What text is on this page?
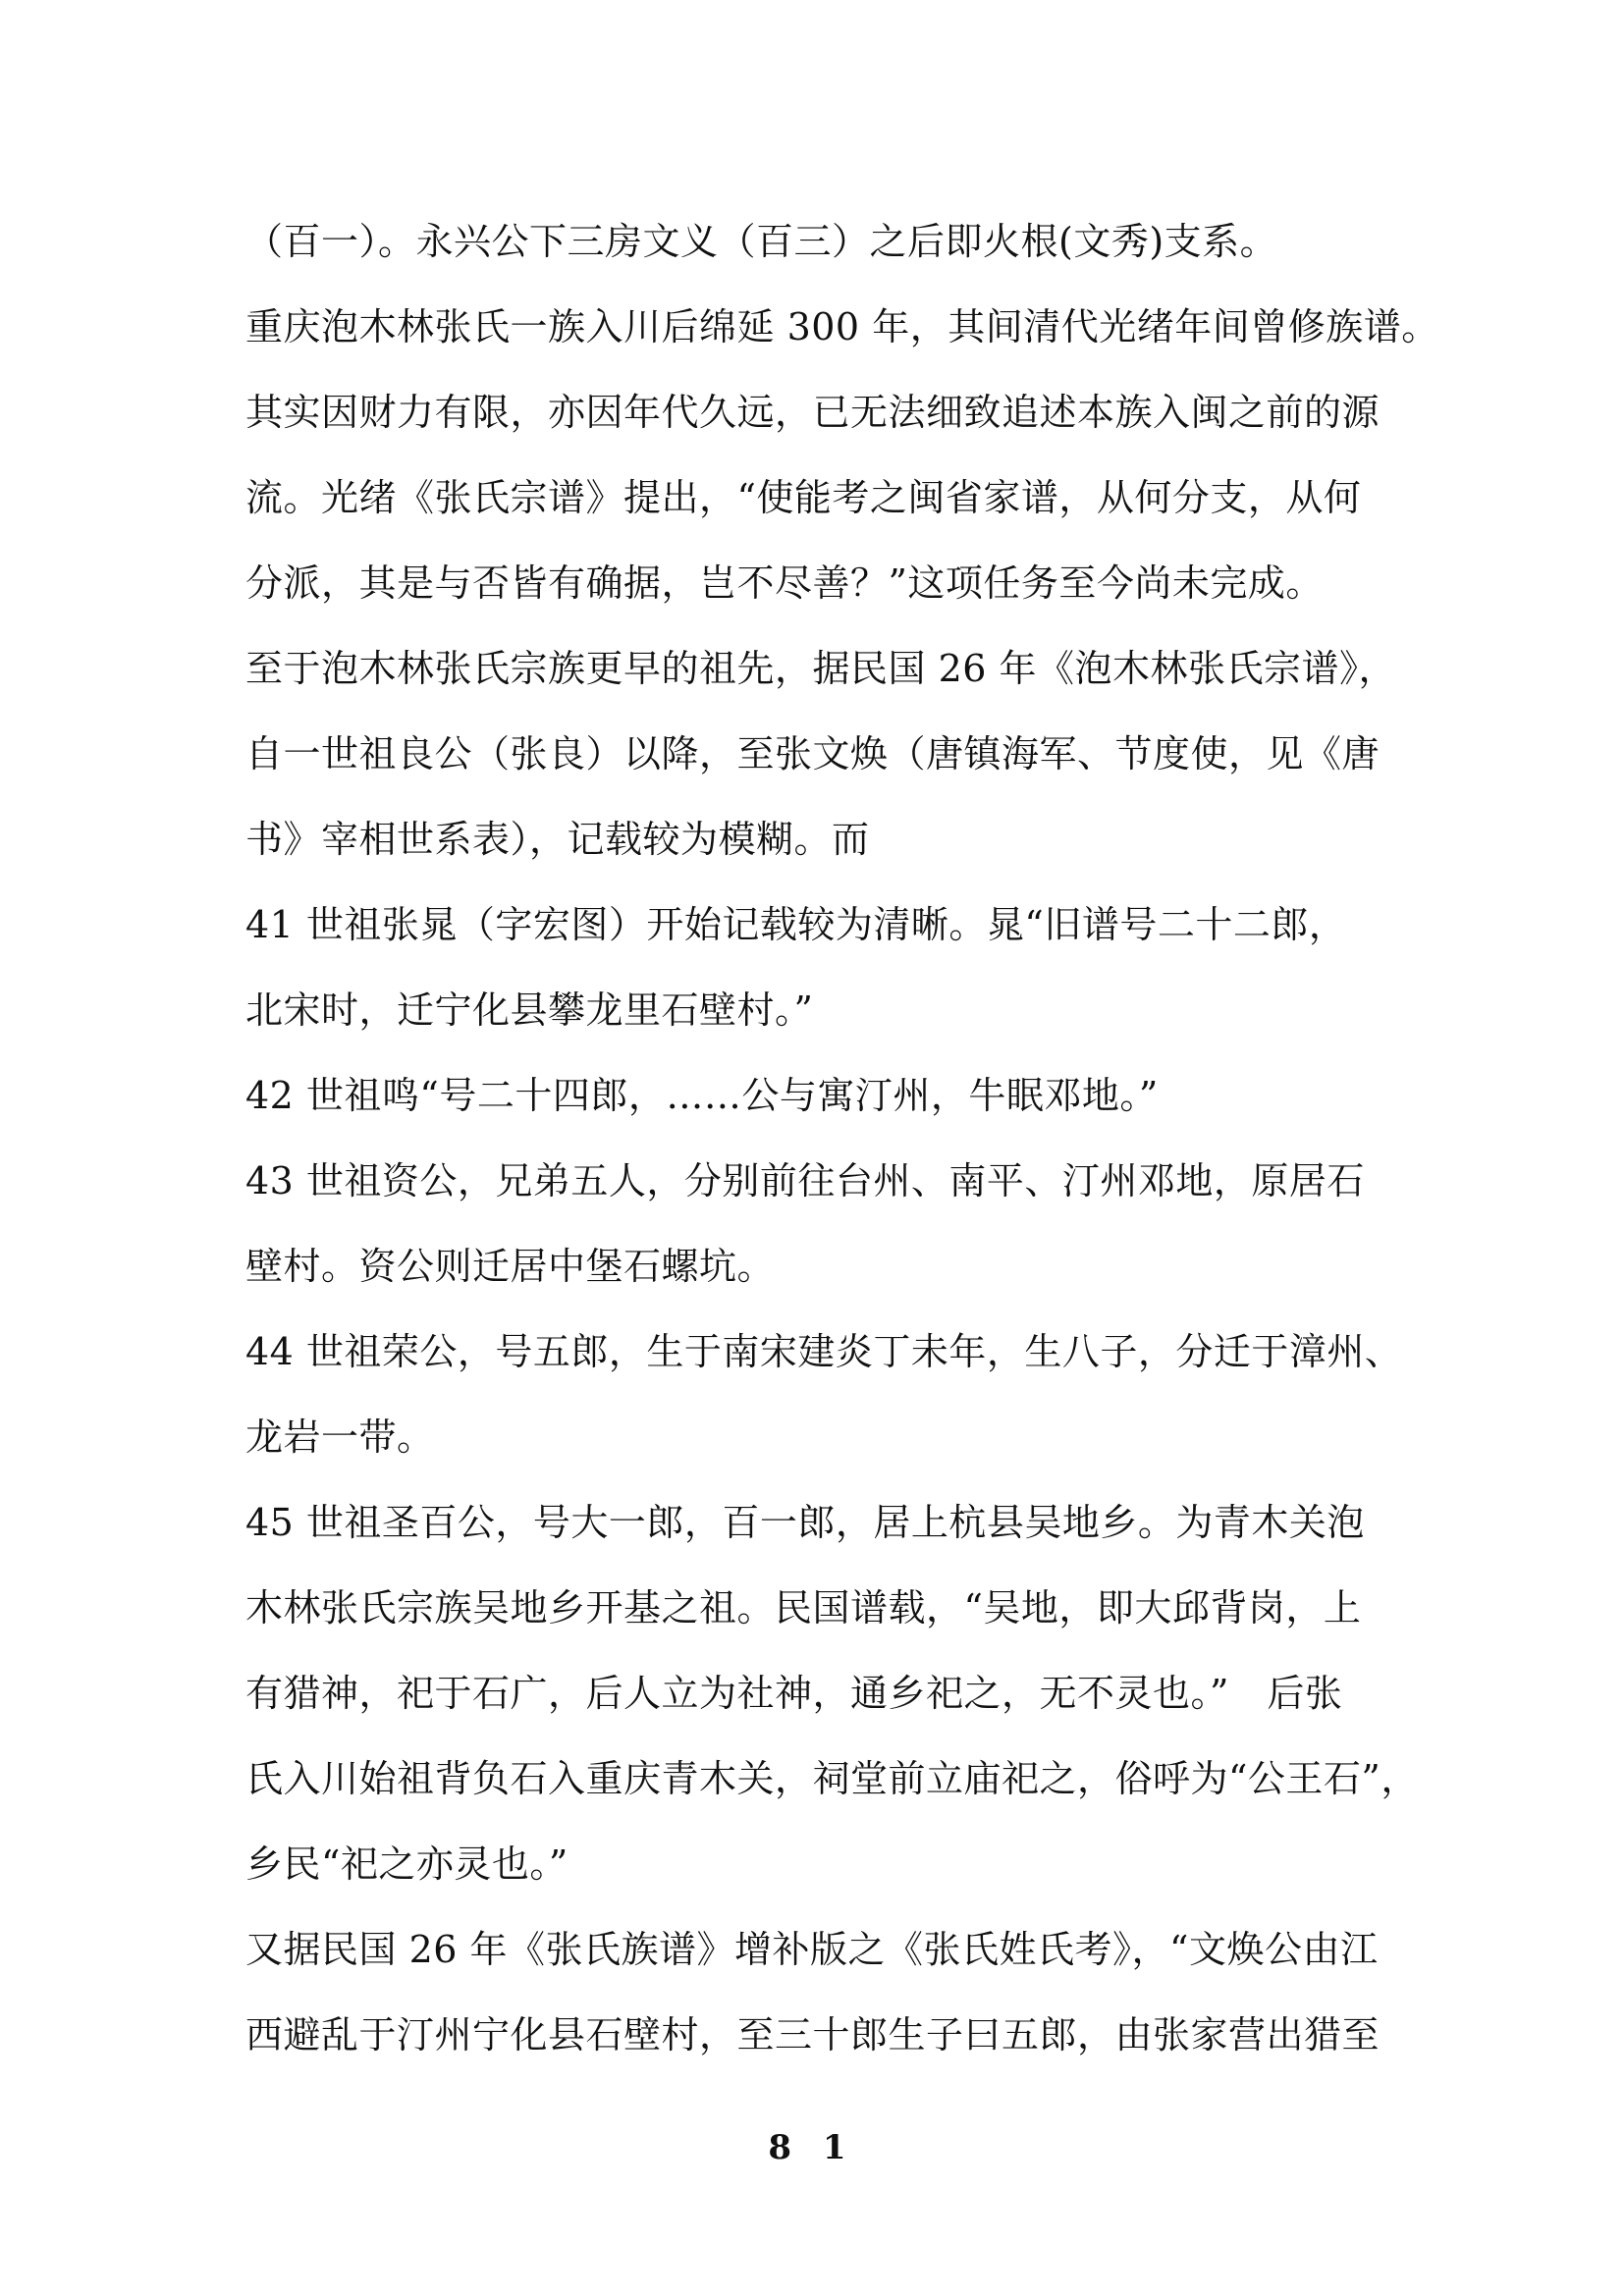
（百一）。永兴公下三房文义（百三）之后即火根(文秀)支系。
重庆泡木林张氏一族入川后绵延 300 年，其间清代光绪年间曾修族谱。
其实因财力有限，亦因年代久远，已无法细致追述本族入闽之前的源
流。光绪《张氏宗谱》提出，“使能考之闽省家谱，从何分支，从何
分派，其是与否皆有确据，岂不尽善？”这项任务至今尚未完成。
至于泡木林张氏宗族更早的祖先，据民国 26 年《泡木林张氏宗谱》，
自一世祖良公（张良）以降，至张文焕（唐镇海军、节度使，见《唐
书》宰相世系表），记载较为模糊。而
41 世祖张晁（字宏图）开始记载较为清晰。晁“旧谱号二十二郎，
北宋时，迁宁化县攀龙里石壁村。”
42 世祖鸣“号二十四郎，……公与寓汀州，牛眠邓地。”
43 世祖资公，兄弟五人，分别前往台州、南平、汀州邓地，原居石
壁村。资公则迁居中堡石螺坑。
44 世祖荣公，号五郎，生于南宋建炎丁未年，生八子，分迁于漳州、
龙岩一带。
45 世祖圣百公，号大一郎，百一郎，居上杭县吴地乡。为青木关泡
木林张氏宗族吴地乡开基之祖。民国谱载，“吴地，即大邱背岗，上
有猎神，祀于石广，后人立为社神，通乡祀之，无不灵也。”　后张
氏入川始祖背负石入重庆青木关，祠堂前立庙祀之，俗呼为“公王石”，
乡民“祀之亦灵也。”
又据民国 26 年《张氏族谱》增补版之《张氏姓氏考》，“文焕公由江
西避乱于汀州宁化县石壁村，至三十郎生子曰五郎，由张家营出猎至
8 1
